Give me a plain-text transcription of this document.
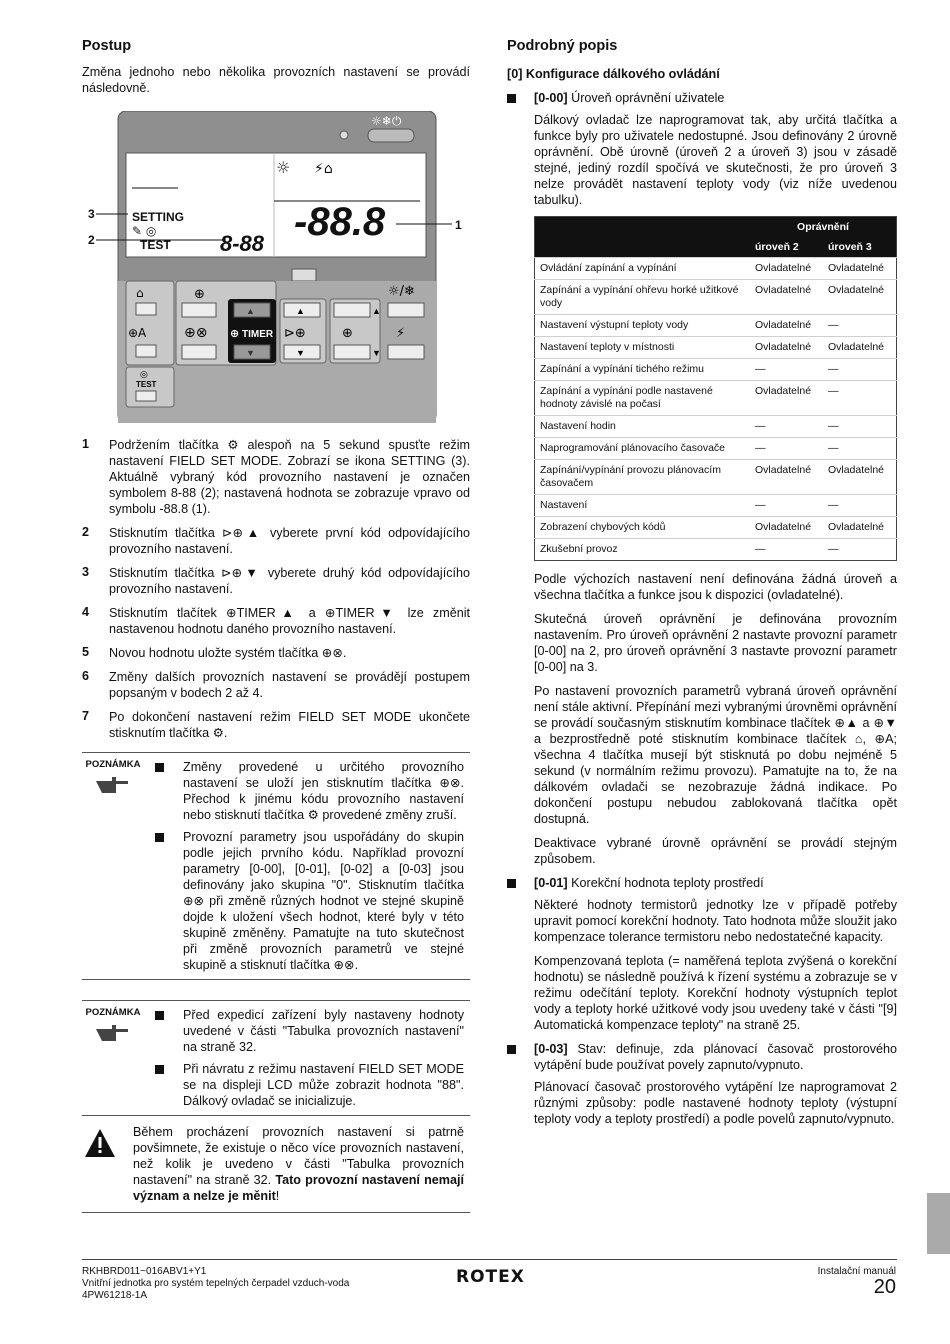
Postup

Změna jednoho nebo několika provozních nastavení se provádí následovně.

☼❄⏻
☼ ⚡⌂
SETTING
✎ ◎
TEST 8-88 -88.8
⌂
⊕A
◎
TEST
⊕
⊕⊗
▲
⊕ TIMER
▼
▲
⊳⊕
▼
▲
⊕
▼
☼/❄
⚡
3
2
1
1 Podržením tlačítka ⚙ alespoň na 5 sekund spusťte režim nastavení FIELD SET MODE. Zobrazí se ikona SETTING (3). Aktuálně vybraný kód provozního nastavení je označen symbolem 8-88 (2); nastavená hodnota se zobrazuje vpravo od symbolu -88.8 (1).

2 Stisknutím tlačítka ⊳⊕▲ vyberete první kód odpovídajícího provozního nastavení.

3 Stisknutím tlačítka ⊳⊕▼ vyberete druhý kód odpovídajícího provozního nastavení.

4 Stisknutím tlačítek ⊕TIMER▲ a ⊕TIMER▼ lze změnit nastavenou hodnotu daného provozního nastavení.

5 Novou hodnotu uložte systém tlačítka ⊕⊗.

6 Změny dalších provozních nastavení se provádějí postupem popsaným v bodech 2 až 4.

7 Po dokončení nastavení režim FIELD SET MODE ukončete stisknutím tlačítka ⚙.

POZNÁMKA	Změny provedené u určitého provozního nastavení se uloží jen stisknutím tlačítka ⊕⊗. Přechod k jinému kódu provozního nastavení nebo stisknutí tlačítka ⚙ provedené změny zruší.

Provozní parametry jsou uspořádány do skupin podle jejich prvního kódu. Například provozní parametry [0-00], [0-01], [0-02] a [0-03] jsou definovány jako skupina "0". Stisknutím tlačítka ⊕⊗ při změně různých hodnot ve stejné skupině dojde k uložení všech hodnot, které byly v této skupině změněny. Pamatujte na tuto skutečnost při změně provozních parametrů ve stejné skupině a stisknutí tlačítka ⊕⊗.

POZNÁMKA	Před expedicí zařízení byly nastaveny hodnoty uvedené v části "Tabulka provozních nastavení" na straně 32.

Při návratu z režimu nastavení FIELD SET MODE se na displeji LCD může zobrazit hodnota "88". Dálkový ovladač se inicializuje.

Během procházení provozních nastavení si patrně povšimnete, že existuje o něco více provozních nastavení, než kolik je uvedeno v části "Tabulka provozních nastavení" na straně 32. Tato provozní nastavení nemají význam a nelze je měnit!

Podrobný popis

[0] Konfigurace dálkového ovládání

[0-00] Úroveň oprávnění uživatele

Dálkový ovladač lze naprogramovat tak, aby určitá tlačítka a funkce byly pro uživatele nedostupné. Jsou definovány 2 úrovně oprávnění. Obě úrovně (úroveň 2 a úroveň 3) jsou v zásadě stejné, jediný rozdíl spočívá ve skutečnosti, že pro úroveň 3 nelze provádět nastavení teploty vody (viz níže uvedenou tabulku).

	Oprávnění	
	úroveň 2	úroveň 3
Ovládání zapínání a vypínání	Ovladatelné	Ovladatelné
Zapínání a vypínání ohřevu horké užitkové vody	Ovladatelné	Ovladatelné
Nastavení výstupní teploty vody	Ovladatelné	—
Nastavení teploty v místnosti	Ovladatelné	Ovladatelné
Zapínání a vypínání tichého režimu	—	—
Zapínání a vypínání podle nastavené hodnoty závislé na počasí	Ovladatelné	—
Nastavení hodin	—	—
Naprogramování plánovacího časovače	—	—
Zapínání/vypínání provozu plánovacím časovačem	Ovladatelné	Ovladatelné
Nastavení	—	—
Zobrazení chybových kódů	Ovladatelné	Ovladatelné
Zkušební provoz	—	—

Podle výchozích nastavení není definována žádná úroveň a všechna tlačítka a funkce jsou k dispozici (ovladatelné).

Skutečná úroveň oprávnění je definována provozním nastavením. Pro úroveň oprávnění 2 nastavte provozní parametr [0-00] na 2, pro úroveň oprávnění 3 nastavte provozní parametr [0-00] na 3.

Po nastavení provozních parametrů vybraná úroveň oprávnění není stále aktivní. Přepínání mezi vybranými úrovněmi oprávnění se provádí současným stisknutím kombinace tlačítek ⊕▲ a ⊕▼ a bezprostředně poté stisknutím kombinace tlačítek ⌂, ⊕A; všechna 4 tlačítka musejí být stisknutá po dobu nejméně 5 sekund (v normálním režimu provozu). Pamatujte na to, že na dálkovém ovladači se nezobrazuje žádná indikace. Po dokončení postupu nebudou zablokovaná tlačítka opět dostupná.

Deaktivace vybrané úrovně oprávnění se provádí stejným způsobem.

[0-01] Korekční hodnota teploty prostředí

Některé hodnoty termistorů jednotky lze v případě potřeby upravit pomocí korekční hodnoty. Tato hodnota může sloužit jako kompenzace tolerance termistoru nebo nedostatečné kapacity.

Kompenzovaná teplota (= naměřená teplota zvýšená o korekční hodnotu) se následně používá k řízení systému a zobrazuje se v režimu odečítání teploty. Korekční hodnoty výstupních teplot vody a teploty horké užitkové vody jsou uvedeny také v části "[9] Automatická kompenzace teploty" na straně 25.

[0-03] Stav: definuje, zda plánovací časovač prostorového vytápění bude používat povely zapnuto/vypnuto.

Plánovací časovač prostorového vytápění lze naprogramovat 2 různými způsoby: podle nastavené hodnoty teploty (výstupní teploty vody a teploty prostředí) a podle povelů zapnuto/vypnuto.

RKHBRD011~016ABV1+Y1
Vnitřní jednotka pro systém tepelných čerpadel vzduch-voda
4PW61218-1A
ROTEX	Instalační manuál
20
